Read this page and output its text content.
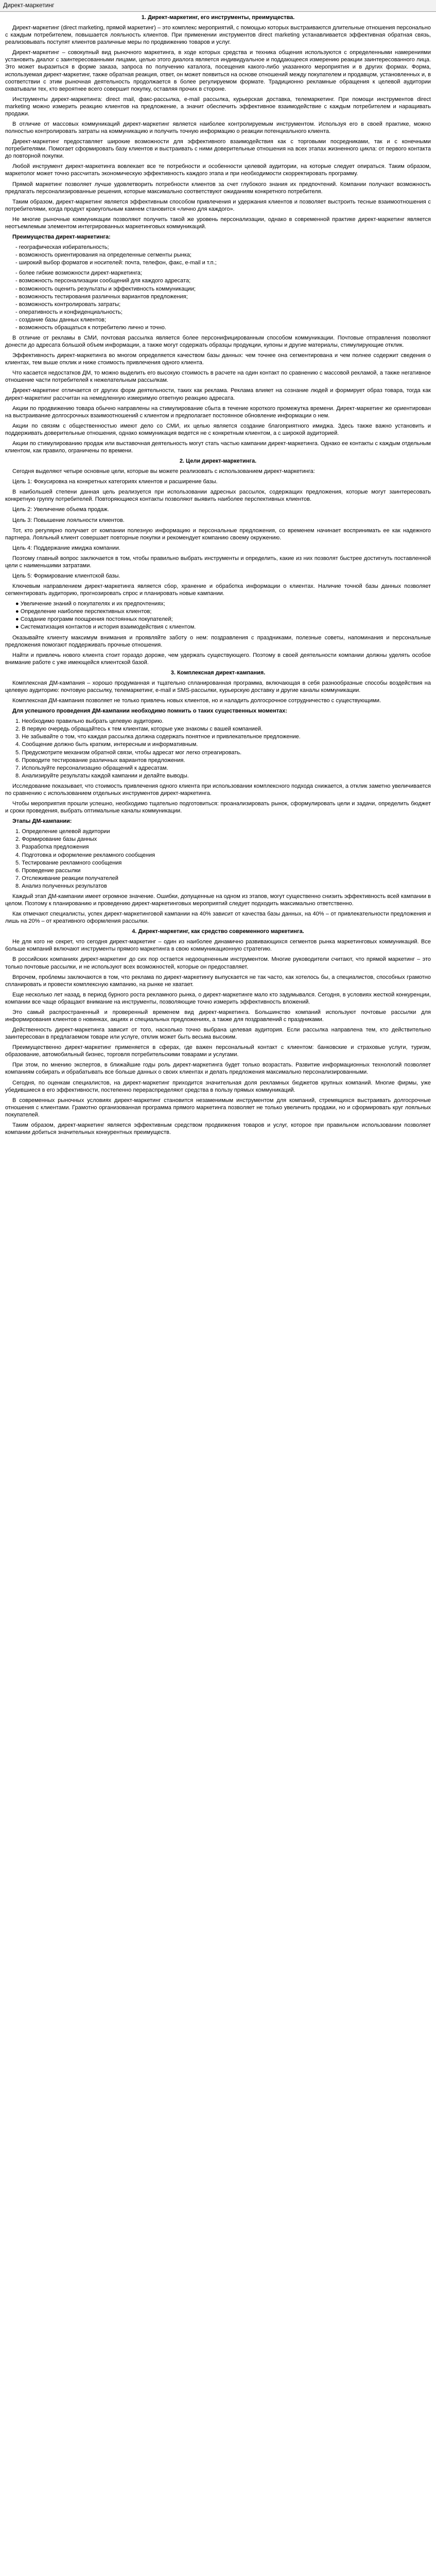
Директ-маркетинг

1. Директ-маркетинг, его инструменты, преимущества.

Директ-маркетинг (direct marketing, прямой маркетинг) – это комплекс мероприятий, с помощью которых выстраиваются длительные отношения персонально с каждым потребителем, повышается лояльность клиентов. При применении инструментов direct marketing устанавливается эффективная обратная связь, реализовывать поступят клиентов различные меры по продвижению товаров и услуг.

Директ-маркетинг – совокупный вид рыночного маркетинга, в ходе которых средства и техника общения используются с определенными намерениями установить диалог с заинтересованными лицами, целью этого диалога является индивидуальное и поддающееся измерению реакции заинтересованного лица. Это может выразиться в форме заказа, запроса по получению каталога, посещения какого-либо указанного мероприятия и в других формах. Форма, используемая директ-маркетинг, также обратная реакция, ответ, он может появиться на основе отношений между покупателем и продавцом, установленных и, в соответствии с этим рыночная деятельность продолжается в более регулируемом формате. Традиционно рекламные обращения к целевой аудитории охватывали тех, кто вероятнее всего совершит покупку, оставляя прочих в стороне.

Инструменты директ-маркетинга: direct mail, факс-рассылка, e-mail рассылка, курьерская доставка, телемаркетинг. При помощи инструментов direct marketing можно измерить реакцию клиентов на предложение, а значит обеспечить эффективное взаимодействие с каждым потребителем и наращивать продажи.

В отличие от массовых коммуникаций директ-маркетинг является наиболее контролируемым инструментом. Используя его в своей практике, можно полностью контролировать затраты на коммуникацию и получить точную информацию о реакции потенциального клиента.

Директ-маркетинг предоставляет широкие возможности для эффективного взаимодействия как с торговыми посредниками, так и с конечными потребителями. Помогает сформировать базу клиентов и выстраивать с ними доверительные отношения на всех этапах жизненного цикла: от первого контакта до повторной покупки.

Любой инструмент директ-маркетинга вовлекает все те потребности и особенности целевой аудитории, на которые следует опираться. Таким образом, маркетолог может точно рассчитать экономическую эффективность каждого этапа и при необходимости скорректировать программу.

Прямой маркетинг позволяет лучше удовлетворить потребности клиентов за счет глубокого знания их предпочтений. Компании получают возможность предлагать персонализированные решения, которые максимально соответствуют ожиданиям конкретного потребителя.

Таким образом, директ-маркетинг является эффективным способом привлечения и удержания клиентов и позволяет выстроить тесные взаимоотношения с потребителями, когда продукт краеугольным камнем становится «лично для каждого».

Не многие рыночные коммуникации позволяют получить такой же уровень персонализации, однако в современной практике директ-маркетинг является неотъемлемым элементом интегрированных маркетинговых коммуникаций.

Преимущества директ-маркетинга:

- географическая избирательность;
- возможность ориентирования на определенные сегменты рынка;
- широкий выбор форматов и носителей: почта, телефон, факс, e-mail и т.п.;
- более гибкие возможности директ-маркетинга;
- возможность персонализации сообщений для каждого адресата;
- возможность оценить результаты и эффективность коммуникации;
- возможность тестирования различных вариантов предложения;
- возможность контролировать затраты;
- оперативность и конфиденциальность;
- создание базы данных клиентов;
- возможность обращаться к потребителю лично и точно.

В отличие от рекламы в СМИ, почтовая рассылка является более персонифицированным способом коммуникации. Почтовые отправления позволяют донести до адресата большой объем информации, а также могут содержать образцы продукции, купоны и другие материалы, стимулирующие отклик.

Эффективность директ-маркетинга во многом определяется качеством базы данных: чем точнее она сегментирована и чем полнее содержит сведения о клиентах, тем выше отклик и ниже стоимость привлечения одного клиента.

Что касается недостатков ДМ, то можно выделить его высокую стоимость в расчете на один контакт по сравнению с массовой рекламой, а также негативное отношение части потребителей к нежелательным рассылкам.

Директ-маркетинг отличается от других форм деятельности, таких как реклама. Реклама влияет на сознание людей и формирует образ товара, тогда как директ-маркетинг рассчитан на немедленную измеримую ответную реакцию адресата.

Акции по продвижению товара обычно направлены на стимулирование сбыта в течение короткого промежутка времени. Директ-маркетинг же ориентирован на выстраивание долгосрочных взаимоотношений с клиентом и предполагает постоянное обновление информации о нем.

Акции по связям с общественностью имеют дело со СМИ, их целью является создание благоприятного имиджа. Здесь также важно установить и поддерживать доверительные отношения, однако коммуникация ведется не с конкретным клиентом, а с широкой аудиторией.

Акции по стимулированию продаж или выставочная деятельность могут стать частью кампании директ-маркетинга. Однако ее контакты с каждым отдельным клиентом, как правило, ограничены по времени.

2. Цели директ-маркетинга.

Сегодня выделяют четыре основные цели, которые вы можете реализовать с использованием директ-маркетинга:

Цель 1: Фокусировка на конкретных категориях клиентов и расширение базы.

В наибольшей степени данная цель реализуется при использовании адресных рассылок, содержащих предложения, которые могут заинтересовать конкретную группу потребителей. Повторяющиеся контакты позволяют выявить наиболее перспективных клиентов.

Цель 2: Увеличение объема продаж.

Цель 3: Повышение лояльности клиентов.

Тот, кто регулярно получает от компании полезную информацию и персональные предложения, со временем начинает воспринимать ее как надежного партнера. Лояльный клиент совершает повторные покупки и рекомендует компанию своему окружению.

Цель 4: Поддержание имиджа компании.

Поэтому главный вопрос заключается в том, чтобы правильно выбрать инструменты и определить, какие из них позволят быстрее достигнуть поставленной цели с наименьшими затратами.

Цель 5: Формирование клиентской базы.

Ключевым направлением директ-маркетинга является сбор, хранение и обработка информации о клиентах. Наличие точной базы данных позволяет сегментировать аудиторию, прогнозировать спрос и планировать новые кампании.

● Увеличение знаний о покупателях и их предпочтениях;
● Определение наиболее перспективных клиентов;
● Создание программ поощрения постоянных покупателей;
● Систематизация контактов и история взаимодействия с клиентом.

Оказывайте клиенту максимум внимания и проявляйте заботу о нем: поздравления с праздниками, полезные советы, напоминания и персональные предложения помогают поддерживать прочные отношения.

Найти и привлечь нового клиента стоит гораздо дороже, чем удержать существующего. Поэтому в своей деятельности компании должны уделять особое внимание работе с уже имеющейся клиентской базой.

3. Комплексная директ-кампания.

Комплексная ДМ-кампания – хорошо продуманная и тщательно спланированная программа, включающая в себя разнообразные способы воздействия на целевую аудиторию: почтовую рассылку, телемаркетинг, e-mail и SMS-рассылки, курьерскую доставку и другие каналы коммуникации.

Комплексная ДМ-кампания позволяет не только привлечь новых клиентов, но и наладить долгосрочное сотрудничество с существующими.

Для успешного проведения ДМ-кампании необходимо помнить о таких существенных моментах:

1. Необходимо правильно выбрать целевую аудиторию.
2. В первую очередь обращайтесь к тем клиентам, которые уже знакомы с вашей компанией.
3. Не забывайте о том, что каждая рассылка должна содержать понятное и привлекательное предложение.
4. Сообщение должно быть кратким, интересным и информативным.
5. Предусмотрите механизм обратной связи, чтобы адресат мог легко отреагировать.
6. Проводите тестирование различных вариантов предложения.
7. Используйте персонализацию обращений к адресатам.
8. Анализируйте результаты каждой кампании и делайте выводы.

Исследование показывает, что стоимость привлечения одного клиента при использовании комплексного подхода снижается, а отклик заметно увеличивается по сравнению с использованием отдельных инструментов директ-маркетинга.

Чтобы мероприятия прошли успешно, необходимо тщательно подготовиться: проанализировать рынок, сформулировать цели и задачи, определить бюджет и сроки проведения, выбрать оптимальные каналы коммуникации.

Этапы ДМ-кампании:

1. Определение целевой аудитории
2. Формирование базы данных
3. Разработка предложения
4. Подготовка и оформление рекламного сообщения
5. Тестирование рекламного сообщения
6. Проведение рассылки
7. Отслеживание реакции получателей
8. Анализ полученных результатов

Каждый этап ДМ-кампании имеет огромное значение. Ошибки, допущенные на одном из этапов, могут существенно снизить эффективность всей кампании в целом. Поэтому к планированию и проведению директ-маркетинговых мероприятий следует подходить максимально ответственно.

Как отмечают специалисты, успех директ-маркетинговой кампании на 40% зависит от качества базы данных, на 40% – от привлекательности предложения и лишь на 20% – от креативного оформления рассылки.

4. Директ-маркетинг, как средство современного маркетинга.

Не для кого не секрет, что сегодня директ-маркетинг – один из наиболее динамично развивающихся сегментов рынка маркетинговых коммуникаций. Все больше компаний включают инструменты прямого маркетинга в свою коммуникационную стратегию.

В российских компаниях директ-маркетинг до сих пор остается недооцененным инструментом. Многие руководители считают, что прямой маркетинг – это только почтовые рассылки, и не используют всех возможностей, которые он предоставляет.

Впрочем, проблемы заключаются в том, что реклама по директ-маркетингу выпускается не так часто, как хотелось бы, а специалистов, способных грамотно спланировать и провести комплексную кампанию, на рынке не хватает.

Еще несколько лет назад, в период бурного роста рекламного рынка, о директ-маркетинге мало кто задумывался. Сегодня, в условиях жесткой конкуренции, компании все чаще обращают внимание на инструменты, позволяющие точно измерить эффективность вложений.

Это самый распространенный и проверенный временем вид директ-маркетинга. Большинство компаний используют почтовые рассылки для информирования клиентов о новинках, акциях и специальных предложениях, а также для поздравлений с праздниками.

Действенность директ-маркетинга зависит от того, насколько точно выбрана целевая аудитория. Если рассылка направлена тем, кто действительно заинтересован в предлагаемом товаре или услуге, отклик может быть весьма высоким.

Преимущественно директ-маркетинг применяется в сферах, где важен персональный контакт с клиентом: банковские и страховые услуги, туризм, образование, автомобильный бизнес, торговля потребительскими товарами и услугами.

При этом, по мнению экспертов, в ближайшие годы роль директ-маркетинга будет только возрастать. Развитие информационных технологий позволяет компаниям собирать и обрабатывать все больше данных о своих клиентах и делать предложения максимально персонализированными.

Сегодня, по оценкам специалистов, на директ-маркетинг приходится значительная доля рекламных бюджетов крупных компаний. Многие фирмы, уже убедившиеся в его эффективности, постепенно перераспределяют средства в пользу прямых коммуникаций.

В современных рыночных условиях директ-маркетинг становится незаменимым инструментом для компаний, стремящихся выстраивать долгосрочные отношения с клиентами. Грамотно организованная программа прямого маркетинга позволяет не только увеличить продажи, но и сформировать круг лояльных покупателей.

Таким образом, директ-маркетинг является эффективным средством продвижения товаров и услуг, которое при правильном использовании позволяет компании добиться значительных конкурентных преимуществ.
